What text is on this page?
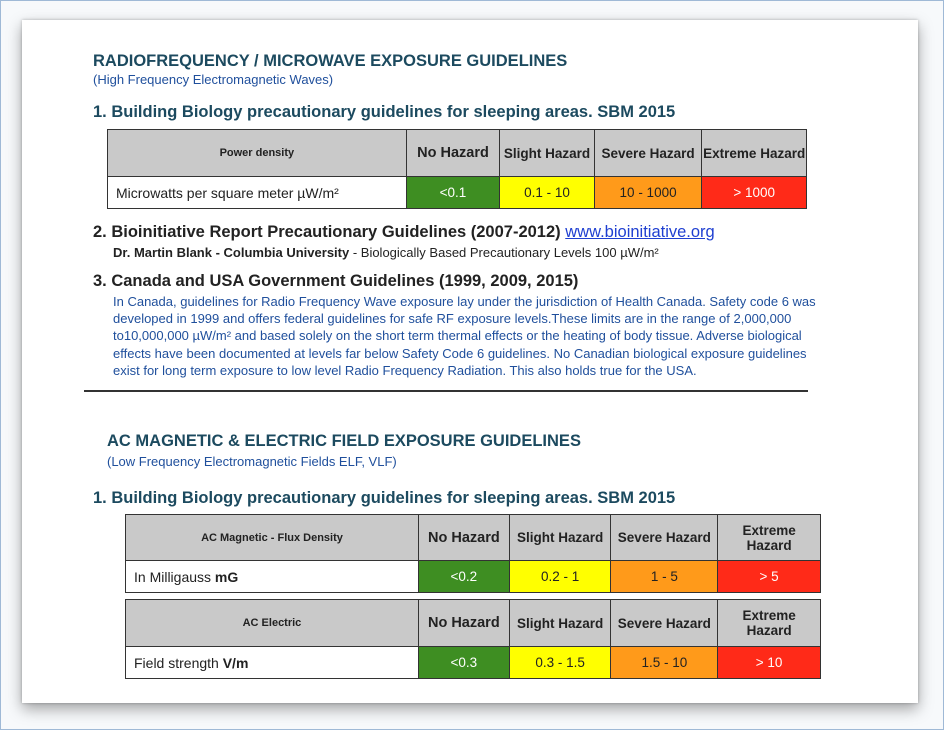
RADIOFREQUENCY / MICROWAVE EXPOSURE GUIDELINES
(High Frequency Electromagnetic Waves)
1. Building Biology precautionary guidelines for sleeping areas. SBM 2015
Power density	No Hazard	Slight Hazard	Severe Hazard	Extreme Hazard
Microwatts per square meter µW/m²	<0.1	0.1 - 10	10 - 1000	> 1000
2. Bioinitiative Report Precautionary Guidelines (2007-2012) www.bioinitiative.org
Dr. Martin Blank - Columbia University - Biologically Based Precautionary Levels 100 µW/m²
3. Canada and USA Government Guidelines (1999, 2009, 2015)
In Canada, guidelines for Radio Frequency Wave exposure lay under the jurisdiction of Health Canada. Safety code 6 was developed in 1999 and offers federal guidelines for safe RF exposure levels.These limits are in the range of 2,000,000 to10,000,000 µW/m² and based solely on the short term thermal effects or the heating of body tissue. Adverse biological effects have been documented at levels far below Safety Code 6 guidelines. No Canadian biological exposure guidelines exist for long term exposure to low level Radio Frequency Radiation. This also holds true for the USA.
AC MAGNETIC & ELECTRIC FIELD EXPOSURE GUIDELINES
(Low Frequency Electromagnetic Fields ELF, VLF)
1. Building Biology precautionary guidelines for sleeping areas. SBM 2015
AC Magnetic - Flux Density	No Hazard	Slight Hazard	Severe Hazard	Extreme Hazard
In Milligauss mG	<0.2	0.2 - 1	1 - 5	> 5
AC Electric	No Hazard	Slight Hazard	Severe Hazard	Extreme Hazard
Field strength V/m	<0.3	0.3 - 1.5	1.5 - 10	> 10
